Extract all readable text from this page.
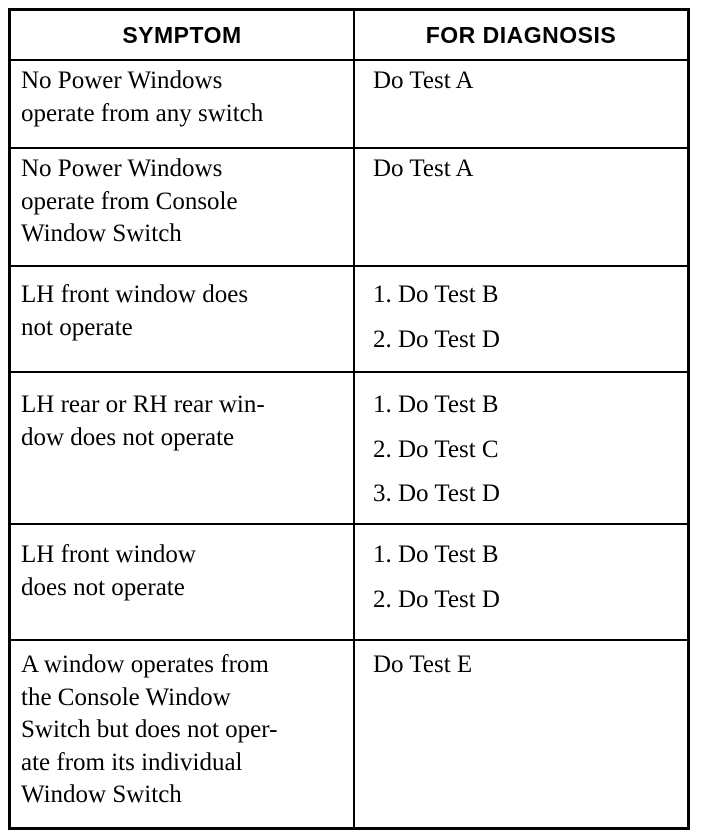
SYMPTOM	FOR DIAGNOSIS
No Power Windows
operate from any switch
Do Test A
No Power Windows
operate from Console
Window Switch
Do Test A
LH front window does
not operate
1. Do Test B
2. Do Test D
LH rear or RH rear win-
dow does not operate
1. Do Test B
2. Do Test C
3. Do Test D
LH front window
does not operate
1. Do Test B
2. Do Test D
A window operates from
the Console Window
Switch but does not oper-
ate from its individual
Window Switch
Do Test E
